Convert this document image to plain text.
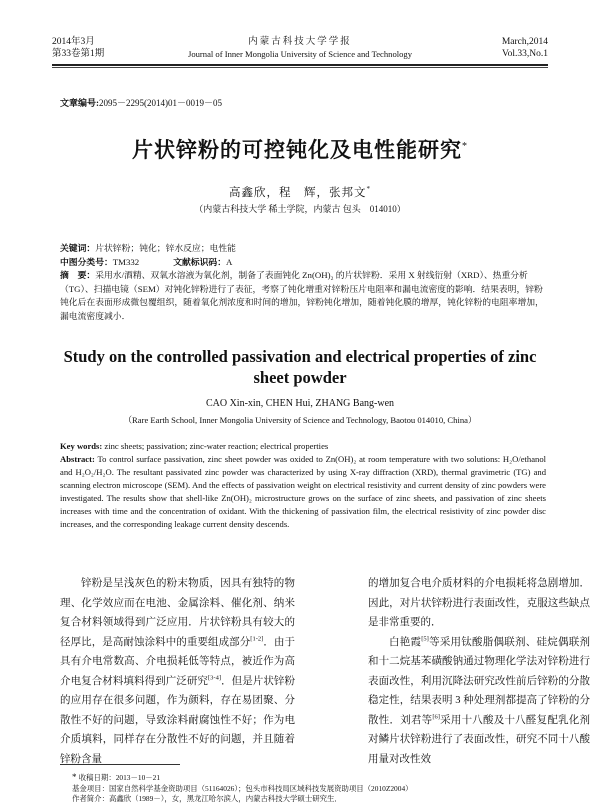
2014年3月
第33卷第1期
内蒙古科技大学学报
Journal of Inner Mongolia University of Science and Technology
March,2014
Vol.33,No.1
文章编号:2095－2295(2014)01－0019－05
片状锌粉的可控钝化及电性能研究*
高鑫欣，程　辉，张邦文*
（内蒙古科技大学 稀土学院，内蒙古 包头　014010）
关键词：片状锌粉；钝化；锌水反应；电性能
中图分类号：TM332	文献标识码：A
摘　要：采用水/酒精、双氧水溶液为氧化剂，制备了表面钝化 Zn(OH)₂ 的片状锌粉．采用 X 射线衍射（XRD）、热重分析（TG）、扫描电镜（SEM）对钝化锌粉进行了表征，考察了钝化增重对锌粉压片电阻率和漏电流密度的影响．结果表明，锌粉钝化后在表面形成微包覆组织，随着氧化剂浓度和时间的增加，锌粉钝化增加，随着钝化膜的增厚，钝化锌粉的电阻率增加，漏电流密度减小．
Study on the controlled passivation and electrical properties of zinc sheet powder
CAO Xin-xin, CHEN Hui, ZHANG Bang-wen
（Rare Earth School, Inner Mongolia University of Science and Technology, Baotou 014010, China）
Key words: zinc sheets; passivation; zinc-water reaction; electrical properties
Abstract: To control surface passivation, zinc sheet powder was oxided to Zn(OH)₂ at room temperature with two solutions: H₂O/ethanol and H₂O₂/H₂O. The resultant passivated zinc powder was characterized by using X-ray diffraction (XRD), thermal gravimetric (TG) and scanning electron microscope (SEM). And the effects of passivation weight on electrical resistivity and current density of zinc powders were investigated. The results show that shell-like Zn(OH)₂ microstructure grows on the surface of zinc sheets, and passivation of zinc sheets increases with time and the concentration of oxidant. With the thickening of passivation film, the electrical resistivity of zinc powder disc increases, and the corresponding leakage current density descends.

锌粉是呈浅灰色的粉末物质，因具有独特的物理、化学效应而在电池、金属涂料、催化剂、纳米复合材料领域得到广泛应用．片状锌粉具有较大的径厚比，是高耐蚀涂料中的重要组成部分[1-2]．由于具有介电常数高、介电损耗低等特点，被近作为高介电复合材料填料得到广泛研究[3-4]．但是片状锌粉的应用存在很多问题，作为颜料，存在易团聚、分散性不好的问题，导致涂料耐腐蚀性不好；作为电介质填料，同样存在分散性不好的问题，并且随着锌粉含量

的增加复合电介质材料的介电损耗将急剧增加．因此，对片状锌粉进行表面改性，克服这些缺点是非常重要的．

白艳霞[5]等采用钛酸脂偶联剂、硅烷偶联剂和十二烷基苯磺酸钠通过物理化学法对锌粉进行表面改性，利用沉降法研究改性前后锌粉的分散稳定性，结果表明 3 种处理剂都提高了锌粉的分散性．刘君等[6]采用十八酸及十八醛复配乳化剂对鳞片状锌粉进行了表面改性，研究不同十八酸用量对改性效

* 收稿日期：2013－10－21

基金项目：国家自然科学基金资助项目（51164026）；包头市科技局区域科技发展资助项目（2010Z2004）

作者简介：高鑫欣（1989－），女，黑龙江哈尔滨人，内蒙古科技大学硕士研究生．
